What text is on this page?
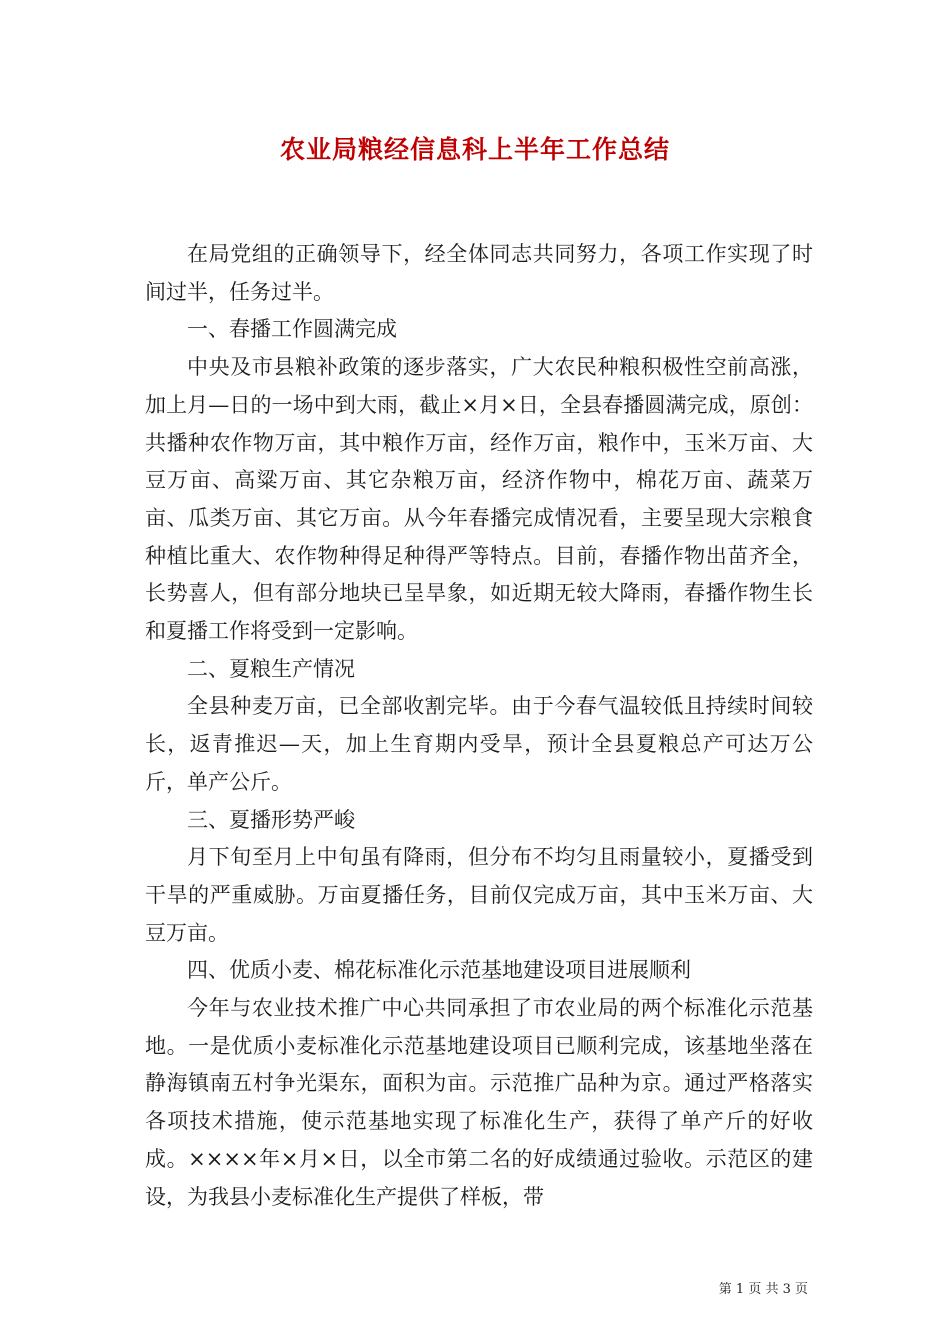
农业局粮经信息科上半年工作总结

在局党组的正确领导下，经全体同志共同努力，各项工作实现了时间过半，任务过半。

一、春播工作圆满完成

中央及市县粮补政策的逐步落实，广大农民种粮积极性空前高涨，加上月—日的一场中到大雨，截止×月×日，全县春播圆满完成，原创：共播种农作物万亩，其中粮作万亩，经作万亩，粮作中，玉米万亩、大豆万亩、高粱万亩、其它杂粮万亩，经济作物中，棉花万亩、蔬菜万亩、瓜类万亩、其它万亩。从今年春播完成情况看，主要呈现大宗粮食种植比重大、农作物种得足种得严等特点。目前，春播作物出苗齐全，长势喜人，但有部分地块已呈旱象，如近期无较大降雨，春播作物生长和夏播工作将受到一定影响。

二、夏粮生产情况

全县种麦万亩，已全部收割完毕。由于今春气温较低且持续时间较长，返青推迟—天，加上生育期内受旱，预计全县夏粮总产可达万公斤，单产公斤。

三、夏播形势严峻

月下旬至月上中旬虽有降雨，但分布不均匀且雨量较小，夏播受到干旱的严重威胁。万亩夏播任务，目前仅完成万亩，其中玉米万亩、大豆万亩。

四、优质小麦、棉花标准化示范基地建设项目进展顺利

今年与农业技术推广中心共同承担了市农业局的两个标准化示范基地。一是优质小麦标准化示范基地建设项目已顺利完成，该基地坐落在静海镇南五村争光渠东，面积为亩。示范推广品种为京。通过严格落实各项技术措施，使示范基地实现了标准化生产，获得了单产斤的好收成。××××年×月×日，以全市第二名的好成绩通过验收。示范区的建设，为我县小麦标准化生产提供了样板，带

第 1 页 共 3 页
